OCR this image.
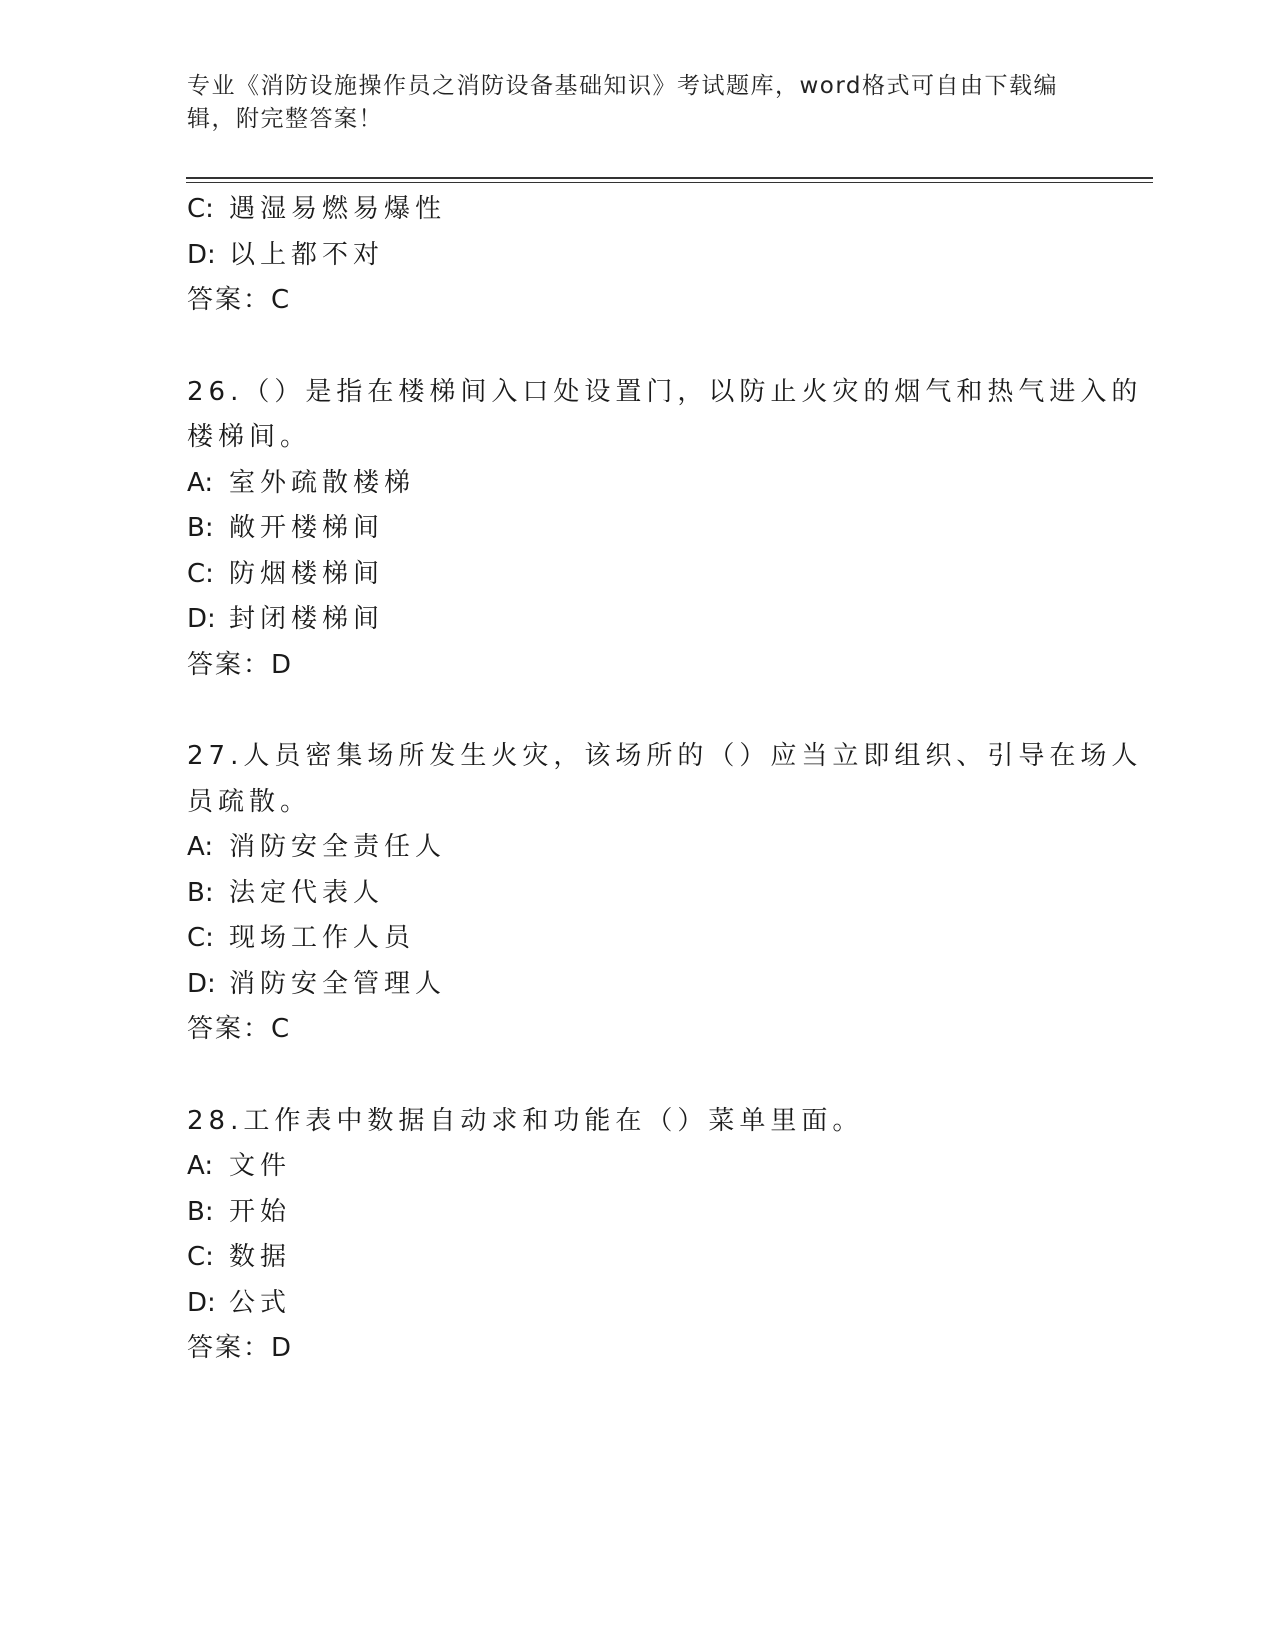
专业《消防设施操作员之消防设备基础知识》考试题库，word格式可自由下载编辑，附完整答案！
C: 遇湿易燃易爆性
D: 以上都不对
答案：C
26.（）是指在楼梯间入口处设置门，以防止火灾的烟气和热气进入的
楼梯间。
A: 室外疏散楼梯
B: 敞开楼梯间
C: 防烟楼梯间
D: 封闭楼梯间
答案：D
27.人员密集场所发生火灾，该场所的（）应当立即组织、引导在场人
员疏散。
A: 消防安全责任人
B: 法定代表人
C: 现场工作人员
D: 消防安全管理人
答案：C
28.工作表中数据自动求和功能在（）菜单里面。
A: 文件
B: 开始
C: 数据
D: 公式
答案：D
